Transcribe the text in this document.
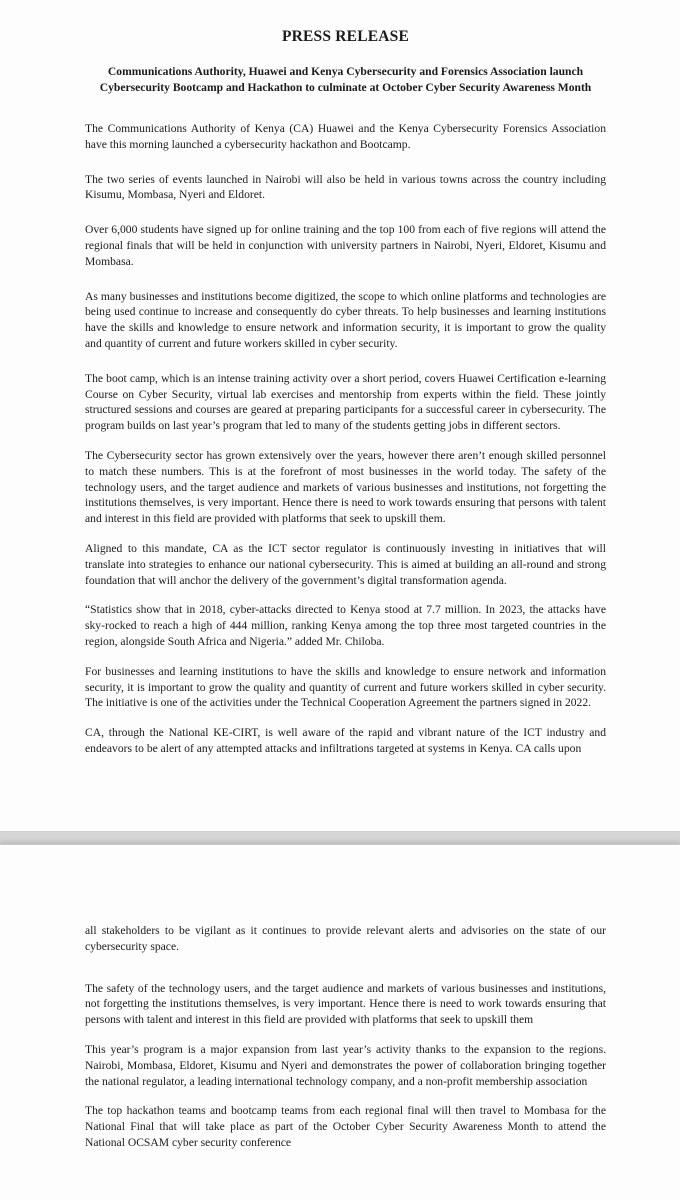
PRESS RELEASE
Communications Authority, Huawei and Kenya Cybersecurity and Forensics Association launch Cybersecurity Bootcamp and Hackathon to culminate at October Cyber Security Awareness Month

The Communications Authority of Kenya (CA) Huawei and the Kenya Cybersecurity Forensics Association have this morning launched a cybersecurity hackathon and Bootcamp.

The two series of events launched in Nairobi will also be held in various towns across the country including Kisumu, Mombasa, Nyeri and Eldoret.

Over 6,000 students have signed up for online training and the top 100 from each of five regions will attend the regional finals that will be held in conjunction with university partners in Nairobi, Nyeri, Eldoret, Kisumu and Mombasa.

As many businesses and institutions become digitized, the scope to which online platforms and technologies are being used continue to increase and consequently do cyber threats. To help businesses and learning institutions have the skills and knowledge to ensure network and information security, it is important to grow the quality and quantity of current and future workers skilled in cyber security.

The boot camp, which is an intense training activity over a short period, covers Huawei Certification e-learning Course on Cyber Security, virtual lab exercises and mentorship from experts within the field. These jointly structured sessions and courses are geared at preparing participants for a successful career in cybersecurity. The program builds on last year’s program that led to many of the students getting jobs in different sectors.

The Cybersecurity sector has grown extensively over the years, however there aren’t enough skilled personnel to match these numbers. This is at the forefront of most businesses in the world today. The safety of the technology users, and the target audience and markets of various businesses and institutions, not forgetting the institutions themselves, is very important. Hence there is need to work towards ensuring that persons with talent and interest in this field are provided with platforms that seek to upskill them.

Aligned to this mandate, CA as the ICT sector regulator is continuously investing in initiatives that will translate into strategies to enhance our national cybersecurity. This is aimed at building an all-round and strong foundation that will anchor the delivery of the government’s digital transformation agenda.

“Statistics show that in 2018, cyber-attacks directed to Kenya stood at 7.7 million. In 2023, the attacks have sky-rocked to reach a high of 444 million, ranking Kenya among the top three most targeted countries in the region, alongside South Africa and Nigeria.” added Mr. Chiloba.

For businesses and learning institutions to have the skills and knowledge to ensure network and information security, it is important to grow the quality and quantity of current and future workers skilled in cyber security. The initiative is one of the activities under the Technical Cooperation Agreement the partners signed in 2022.

CA, through the National KE-CIRT, is well aware of the rapid and vibrant nature of the ICT industry and endeavors to be alert of any attempted attacks and infiltrations targeted at systems in Kenya. CA calls upon

all stakeholders to be vigilant as it continues to provide relevant alerts and advisories on the state of our cybersecurity space.

The safety of the technology users, and the target audience and markets of various businesses and institutions, not forgetting the institutions themselves, is very important. Hence there is need to work towards ensuring that persons with talent and interest in this field are provided with platforms that seek to upskill them

This year’s program is a major expansion from last year’s activity thanks to the expansion to the regions. Nairobi, Mombasa, Eldoret, Kisumu and Nyeri and demonstrates the power of collaboration bringing together the national regulator, a leading international technology company, and a non-profit membership association

The top hackathon teams and bootcamp teams from each regional final will then travel to Mombasa for the National Final that will take place as part of the October Cyber Security Awareness Month to attend the National OCSAM cyber security conference
